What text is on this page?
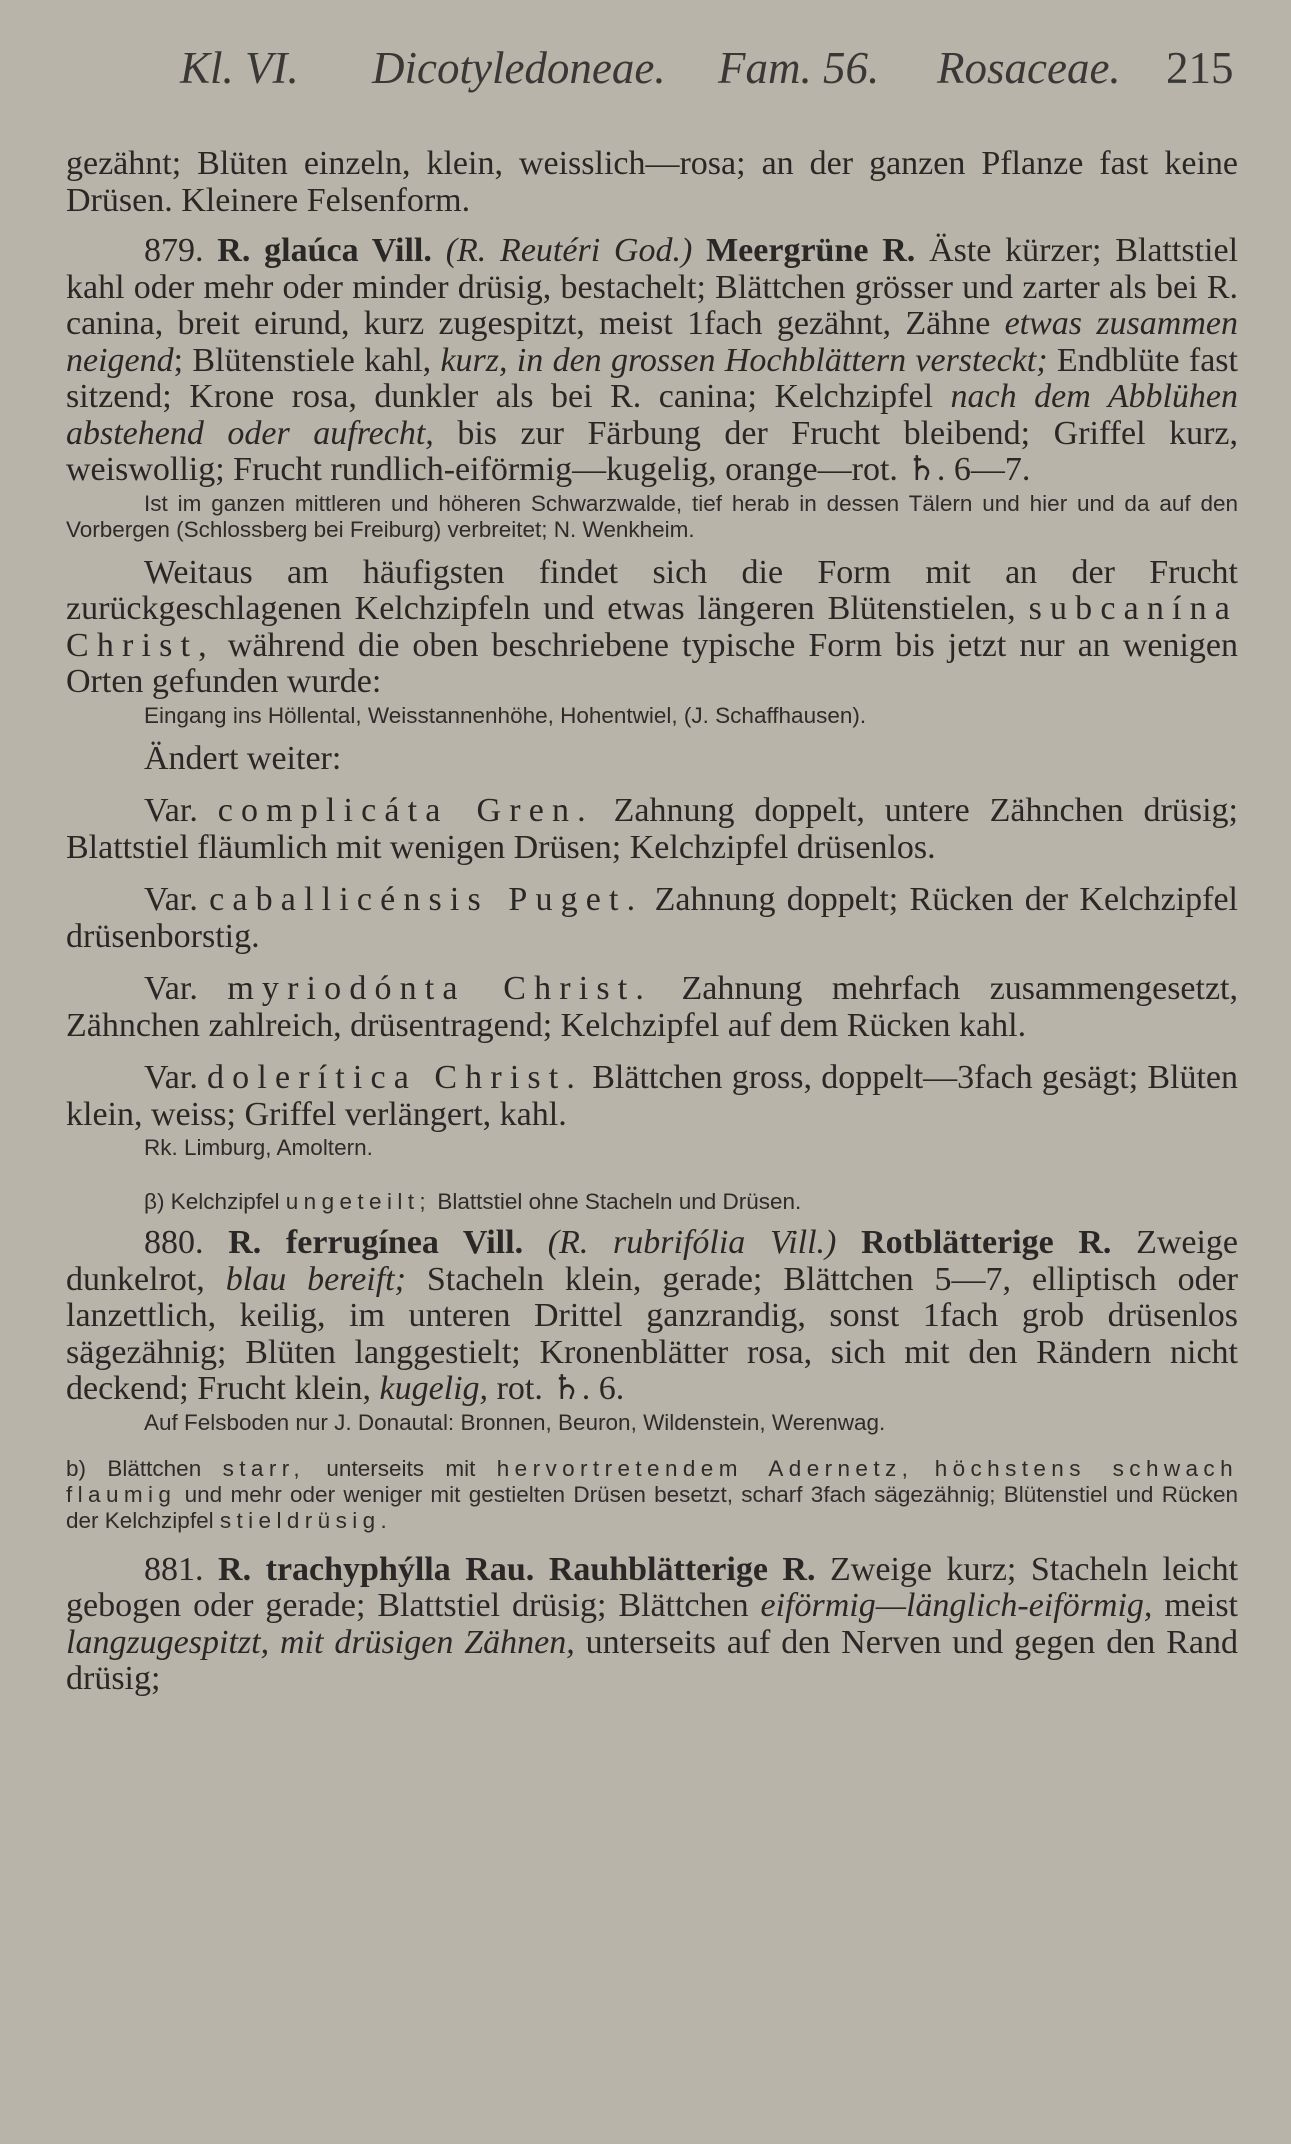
Kl. VI. Dicotyledoneae. Fam. 56. Rosaceae. 215

gezähnt; Blüten einzeln, klein, weisslich—rosa; an der ganzen Pflanze fast keine Drüsen. Kleinere Felsenform.

879. R. glaúca Vill. (R. Reutéri God.) Meergrüne R. Äste kürzer; Blattstiel kahl oder mehr oder minder drüsig, bestachelt; Blättchen grösser und zarter als bei R. canina, breit eirund, kurz zugespitzt, meist 1fach gezähnt, Zähne etwas zusammen neigend; Blütenstiele kahl, kurz, in den grossen Hochblättern versteckt; Endblüte fast sitzend; Krone rosa, dunkler als bei R. canina; Kelchzipfel nach dem Abblühen abstehend oder aufrecht, bis zur Färbung der Frucht bleibend; Griffel kurz, weiswollig; Frucht rundlich-eiförmig—kugelig, orange—rot. ♄. 6—7.

Ist im ganzen mittleren und höheren Schwarzwalde, tief herab in dessen Tälern und hier und da auf den Vorbergen (Schlossberg bei Freiburg) verbreitet; N. Wenkheim.

Weitaus am häufigsten findet sich die Form mit an der Frucht zurückgeschlagenen Kelchzipfeln und etwas längeren Blütenstielen, subcanína Christ, während die oben beschriebene typische Form bis jetzt nur an wenigen Orten gefunden wurde:

Eingang ins Höllental, Weisstannenhöhe, Hohentwiel, (J. Schaffhausen).

Ändert weiter:

Var. complicáta Gren. Zahnung doppelt, untere Zähnchen drüsig; Blattstiel fläumlich mit wenigen Drüsen; Kelchzipfel drüsenlos.

Var. caballicénsis Puget. Zahnung doppelt; Rücken der Kelchzipfel drüsenborstig.

Var. myriodónta Christ. Zahnung mehrfach zusammengesetzt, Zähnchen zahlreich, drüsentragend; Kelchzipfel auf dem Rücken kahl.

Var. dolerítica Christ. Blättchen gross, doppelt—3fach gesägt; Blüten klein, weiss; Griffel verlängert, kahl.

Rk. Limburg, Amoltern.

β) Kelchzipfel ungeteilt; Blattstiel ohne Stacheln und Drüsen.

880. R. ferrugínea Vill. (R. rubrifólia Vill.) Rotblätterige R. Zweige dunkelrot, blau bereift; Stacheln klein, gerade; Blättchen 5—7, elliptisch oder lanzettlich, keilig, im unteren Drittel ganzrandig, sonst 1fach grob drüsenlos sägezähnig; Blüten langgestielt; Kronenblätter rosa, sich mit den Rändern nicht deckend; Frucht klein, kugelig, rot. ♄. 6.

Auf Felsboden nur J. Donautal: Bronnen, Beuron, Wildenstein, Werenwag.

b) Blättchen starr, unterseits mit hervortretendem Adernetz, höchstens schwach flaumig und mehr oder weniger mit gestielten Drüsen besetzt, scharf 3fach sägezähnig; Blütenstiel und Rücken der Kelchzipfel stieldrüsig.

881. R. trachyphýlla Rau. Rauhblätterige R. Zweige kurz; Stacheln leicht gebogen oder gerade; Blattstiel drüsig; Blättchen eiförmig—länglich-eiförmig, meist langzugespitzt, mit drüsigen Zähnen, unterseits auf den Nerven und gegen den Rand drüsig;
